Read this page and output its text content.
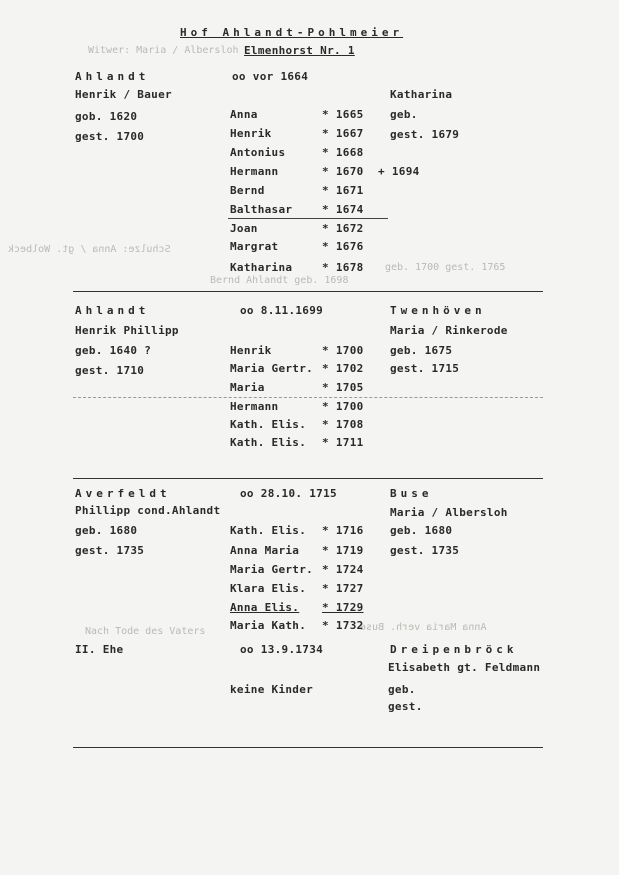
Witwer: Maria / Albersloh
Schulze: Anna / gt. Wolbeck
geb. 1700 gest. 1765
Bernd Ahlandt geb. 1698
Anna Maria verh. Buse
Nach Tode des Vaters
Hof Ahlandt-Pohlmeier
Elmenhorst Nr. 1
Ahlandt
Henrik / Bauer
gob. 1620
gest. 1700
oo vor 1664
Katharina
geb.
gest. 1679
Anna	* 1665
Henrik	* 1667
Antonius	* 1668
Hermann	* 1670 + 1694
Bernd	* 1671
Balthasar	* 1674
Joan	* 1672
Margrat	* 1676
Katharina	* 1678
Ahlandt
Henrik Phillipp
geb. 1640 ?
gest. 1710
oo 8.11.1699	Twenhöven
Maria / Rinkerode
geb. 1675
gest. 1715
Henrik	* 1700
Maria Gertr. * 1702
Maria	* 1705
Hermann	* 1700
Kath. Elis. * 1708
Kath. Elis. * 1711
Averfeldt
Phillipp cond.Ahlandt
geb. 1680
gest. 1735
oo 28.10. 1715	Buse
Maria / Albersloh
geb. 1680
gest. 1735
Kath. Elis. * 1716
Anna Maria * 1719
Maria Gertr. * 1724
Klara Elis. * 1727
Anna Elis. * 1729
Maria Kath. * 1732
II. Ehe	oo 13.9.1734	Dreipenbröck
Elisabeth gt. Feldmann
keine Kinder	geb.
gest.
